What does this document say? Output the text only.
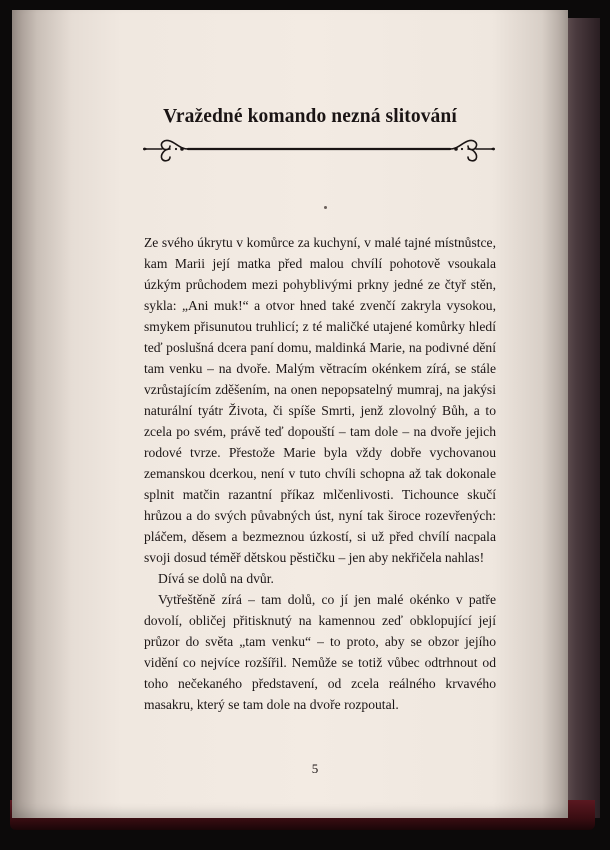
Vražedné komando nezná slitování

Ze svého úkrytu v komůrce za kuchyní, v malé tajné místnůstce, kam Marii její matka před malou chvílí pohotově vsoukala úzkým průchodem mezi pohyblivými prkny jedné ze čtyř stěn, sykla: „Ani muk!“ a otvor hned také zvenčí zakryla vysokou, smykem přisunutou truhlicí; z té maličké utajené komůrky hledí teď poslušná dcera paní domu, maldinká Marie, na podivné dění tam venku – na dvoře. Malým větracím okénkem zírá, se stále vzrůstajícím zděšením, na onen nepopsatelný mumraj, na jakýsi naturální tyátr Života, či spíše Smrti, jenž zlovolný Bůh, a to zcela po svém, právě teď dopouští – tam dole – na dvoře jejich rodové tvrze. Přestože Marie byla vždy dobře vychovanou zemanskou dcerkou, není v tuto chvíli schopna až tak dokonale splnit matčin razantní příkaz mlčenlivosti. Tichounce skučí hrůzou a do svých půvabných úst, nyní tak široce rozevřených: pláčem, děsem a bezmeznou úzkostí, si už před chvílí nacpala svoji dosud téměř dětskou pěstičku – jen aby nekřičela nahlas!

Dívá se dolů na dvůr.

Vytřeštěně zírá – tam dolů, co jí jen malé okénko v patře dovolí, obličej přitisknutý na kamennou zeď obklopující její průzor do světa „tam venku“ – to proto, aby se obzor jejího vidění co nejvíce rozšířil. Nemůže se totiž vůbec odtrhnout od toho nečekaného představení, od zcela reálného krvavého masakru, který se tam dole na dvoře rozpoutal.

5
